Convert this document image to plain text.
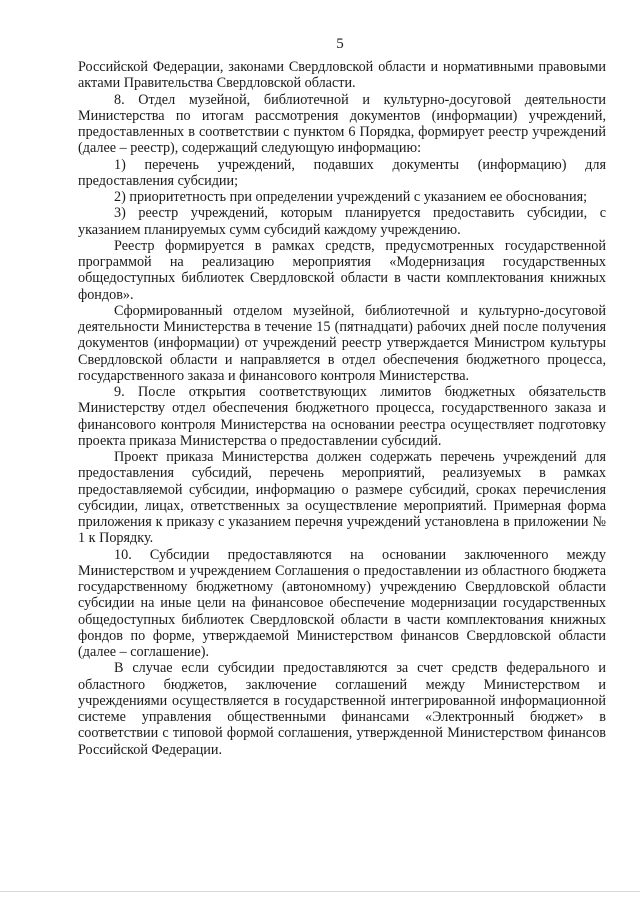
5

Российской Федерации, законами Свердловской области и нормативными правовыми актами Правительства Свердловской области.

8. Отдел музейной, библиотечной и культурно-досуговой деятельности Министерства по итогам рассмотрения документов (информации) учреждений, предоставленных в соответствии с пунктом 6 Порядка, формирует реестр учреждений (далее – реестр), содержащий следующую информацию:

1) перечень учреждений, подавших документы (информацию) для предоставления субсидии;

2) приоритетность при определении учреждений с указанием ее обоснования;

3) реестр учреждений, которым планируется предоставить субсидии, с указанием планируемых сумм субсидий каждому учреждению.

Реестр формируется в рамках средств, предусмотренных государственной программой на реализацию мероприятия «Модернизация государственных общедоступных библиотек Свердловской области в части комплектования книжных фондов».

Сформированный отделом музейной, библиотечной и культурно-досуговой деятельности Министерства в течение 15 (пятнадцати) рабочих дней после получения документов (информации) от учреждений реестр утверждается Министром культуры Свердловской области и направляется в отдел обеспечения бюджетного процесса, государственного заказа и финансового контроля Министерства.

9. После открытия соответствующих лимитов бюджетных обязательств Министерству отдел обеспечения бюджетного процесса, государственного заказа и финансового контроля Министерства на основании реестра осуществляет подготовку проекта приказа Министерства о предоставлении субсидий.

Проект приказа Министерства должен содержать перечень учреждений для предоставления субсидий, перечень мероприятий, реализуемых в рамках предоставляемой субсидии, информацию о размере субсидий, сроках перечисления субсидии, лицах, ответственных за осуществление мероприятий. Примерная форма приложения к приказу с указанием перечня учреждений установлена в приложении № 1 к Порядку.

10. Субсидии предоставляются на основании заключенного между Министерством и учреждением Соглашения о предоставлении из областного бюджета государственному бюджетному (автономному) учреждению Свердловской области субсидии на иные цели на финансовое обеспечение модернизации государственных общедоступных библиотек Свердловской области в части комплектования книжных фондов по форме, утверждаемой Министерством финансов Свердловской области (далее – соглашение).

В случае если субсидии предоставляются за счет средств федерального и областного бюджетов, заключение соглашений между Министерством и учреждениями осуществляется в государственной интегрированной информационной системе управления общественными финансами «Электронный бюджет» в соответствии с типовой формой соглашения, утвержденной Министерством финансов Российской Федерации.
